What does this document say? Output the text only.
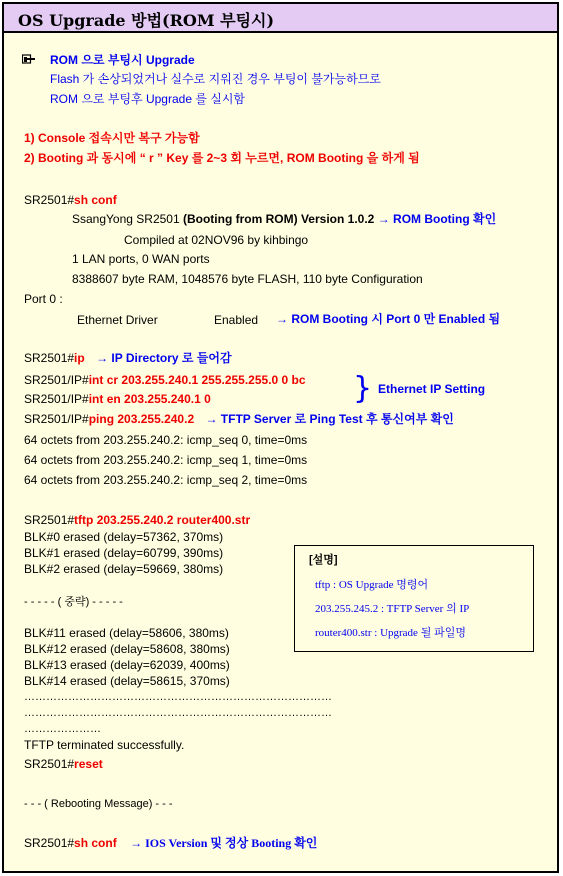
OS Upgrade 방법(ROM 부팅시)
ROM 으로 부팅시 Upgrade
Flash 가 손상되었거나 실수로 지워진 경우 부팅이 불가능하므로
ROM 으로 부팅후 Upgrade 를 실시함
1) Console 접속시만 복구 가능함
2) Booting 과 동시에 “ r ” Key 를 2~3 회 누르면, ROM Booting 을 하게 됨
SR2501#sh conf
SsangYong SR2501 (Booting from ROM) Version 1.0.2 → ROM Booting 확인
Compiled at 02NOV96 by kihbingo
1 LAN ports, 0 WAN ports
8388607 byte RAM, 1048576 byte FLASH, 110 byte Configuration
Port 0 :
Ethernet Driver	Enabled → ROM Booting 시 Port 0 만 Enabled 됨
SR2501#ip → IP Directory 로 들어감
SR2501/IP#int cr 203.255.240.1 255.255.255.0 0 bc
SR2501/IP#int en 203.255.240.1 0	} Ethernet IP Setting
SR2501/IP#ping 203.255.240.2 → TFTP Server 로 Ping Test 후 통신여부 확인
64 octets from 203.255.240.2: icmp_seq 0, time=0ms
64 octets from 203.255.240.2: icmp_seq 1, time=0ms
64 octets from 203.255.240.2: icmp_seq 2, time=0ms
SR2501#tftp 203.255.240.2 router400.str
BLK#0 erased (delay=57362, 370ms)
BLK#1 erased (delay=60799, 390ms)
BLK#2 erased (delay=59669, 380ms)
- - - - - ( 중략) - - - - -
BLK#11 erased (delay=58606, 380ms)
BLK#12 erased (delay=58608, 380ms)
BLK#13 erased (delay=62039, 400ms)
BLK#14 erased (delay=58615, 370ms)
…………………………………………………………………………
…………………………………………………………………………
…………………
TFTP terminated successfully.
SR2501#reset
[설명]
tftp : OS Upgrade 명령어
203.255.245.2 : TFTP Server 의 IP
router400.str : Upgrade 될 파일명
- - - ( Rebooting Message) - - -
SR2501#sh conf → IOS Version 및 정상 Booting 확인
